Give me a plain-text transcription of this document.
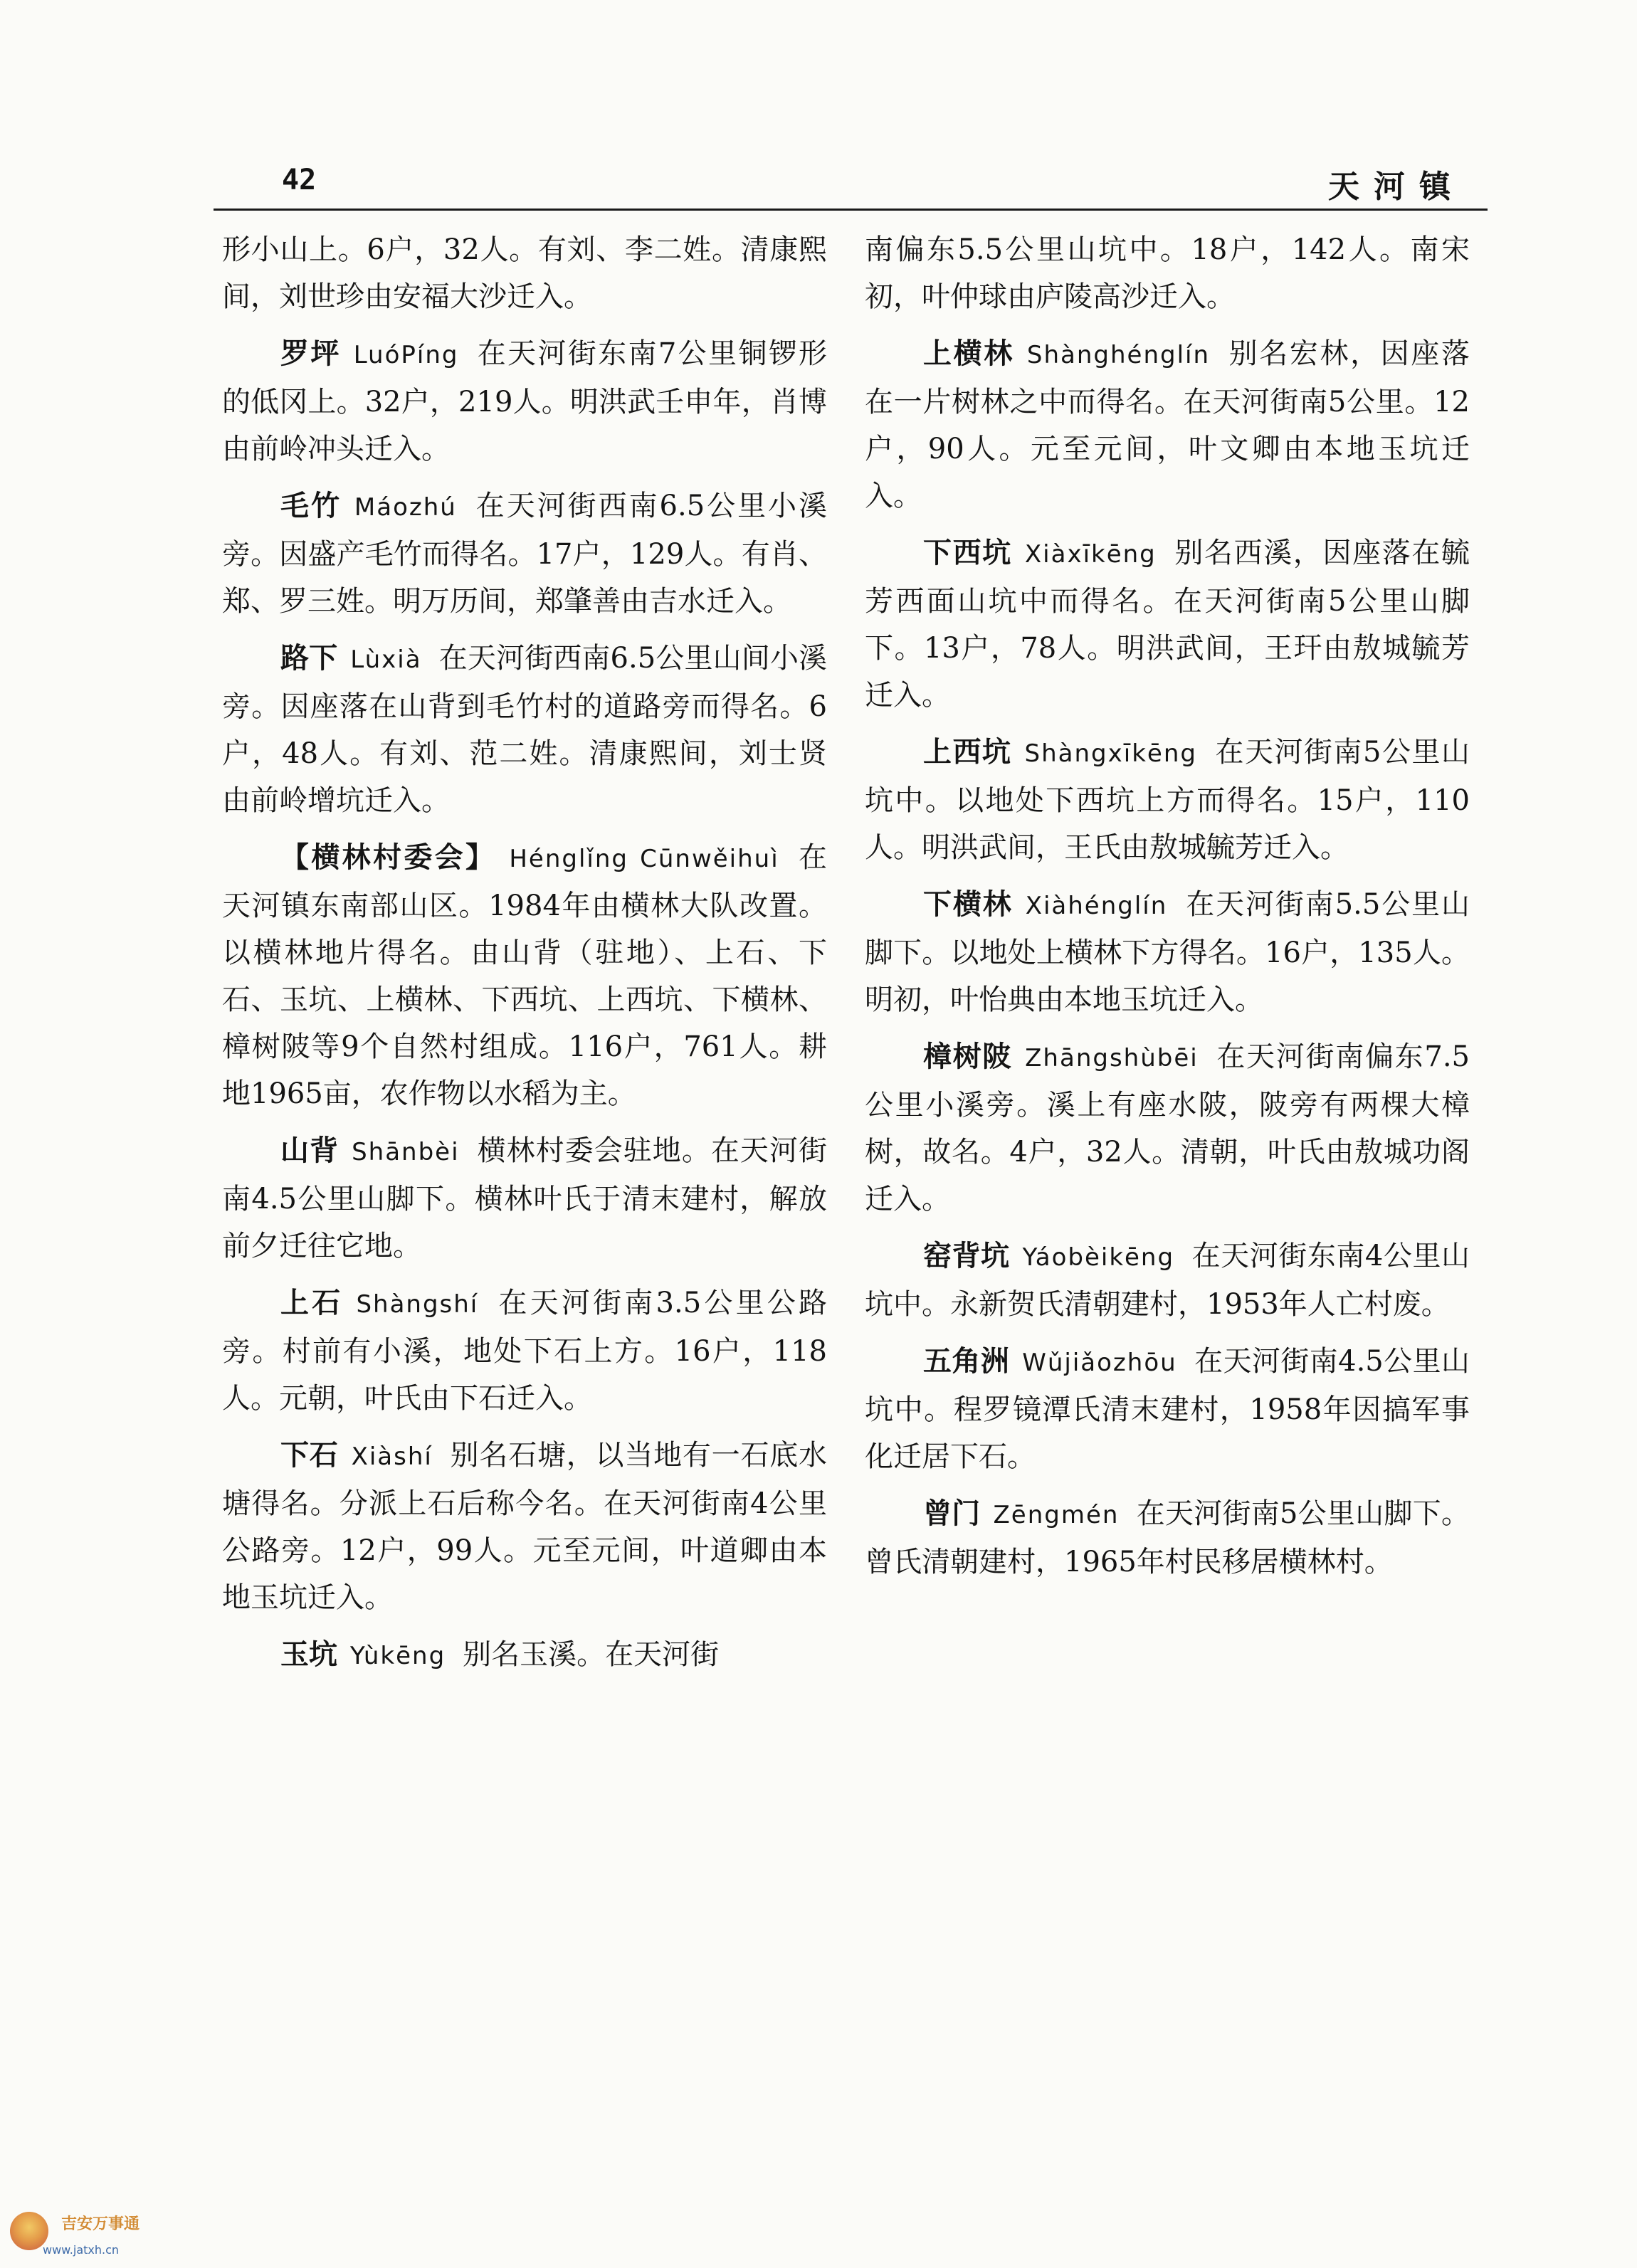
42	天河镇

形小山上。6户，32人。有刘、李二姓。清康熙间，刘世珍由安福大沙迁入。

罗坪 LuóPíng 在天河街东南7公里铜锣形的低冈上。32户，219人。明洪武壬申年，肖博由前岭冲头迁入。

毛竹 Máozhú 在天河街西南6.5公里小溪旁。因盛产毛竹而得名。17户，129人。有肖、郑、罗三姓。明万历间，郑肇善由吉水迁入。

路下 Lùxià 在天河街西南6.5公里山间小溪旁。因座落在山背到毛竹村的道路旁而得名。6户，48人。有刘、范二姓。清康熙间，刘士贤由前岭增坑迁入。

【横林村委会】 Hénglǐng Cūnwěihuì 在天河镇东南部山区。1984年由横林大队改置。以横林地片得名。由山背（驻地）、上石、下石、玉坑、上横林、下西坑、上西坑、下横林、樟树陂等9个自然村组成。116户，761人。耕地1965亩，农作物以水稻为主。

山背 Shānbèi 横林村委会驻地。在天河街南4.5公里山脚下。横林叶氏于清末建村，解放前夕迁往它地。

上石 Shàngshí 在天河街南3.5公里公路旁。村前有小溪，地处下石上方。16户，118人。元朝，叶氏由下石迁入。

下石 Xiàshí 别名石塘，以当地有一石底水塘得名。分派上石后称今名。在天河街南4公里公路旁。12户，99人。元至元间，叶道卿由本地玉坑迁入。

玉坑 Yùkēng 别名玉溪。在天河街

南偏东5.5公里山坑中。18户，142人。南宋初，叶仲球由庐陵高沙迁入。

上横林 Shànghénglín 别名宏林，因座落在一片树林之中而得名。在天河街南5公里。12户，90人。元至元间，叶文卿由本地玉坑迁入。

下西坑 Xiàxīkēng 别名西溪，因座落在毓芳西面山坑中而得名。在天河街南5公里山脚下。13户，78人。明洪武间，王玕由敖城毓芳迁入。

上西坑 Shàngxīkēng 在天河街南5公里山坑中。以地处下西坑上方而得名。15户，110人。明洪武间，王氏由敖城毓芳迁入。

下横林 Xiàhénglín 在天河街南5.5公里山脚下。以地处上横林下方得名。16户，135人。明初，叶怡典由本地玉坑迁入。

樟树陂 Zhāngshùbēi 在天河街南偏东7.5公里小溪旁。溪上有座水陂，陂旁有两棵大樟树，故名。4户，32人。清朝，叶氏由敖城功阁迁入。

窑背坑 Yáobèikēng 在天河街东南4公里山坑中。永新贺氏清朝建村，1953年人亡村废。

五角洲 Wǔjiǎozhōu 在天河街南4.5公里山坑中。程罗镜潭氏清末建村，1958年因搞军事化迁居下石。

曾门 Zēngmén 在天河街南5公里山脚下。曾氏清朝建村，1965年村民移居横林村。

吉安万事通
www.jatxh.cn
